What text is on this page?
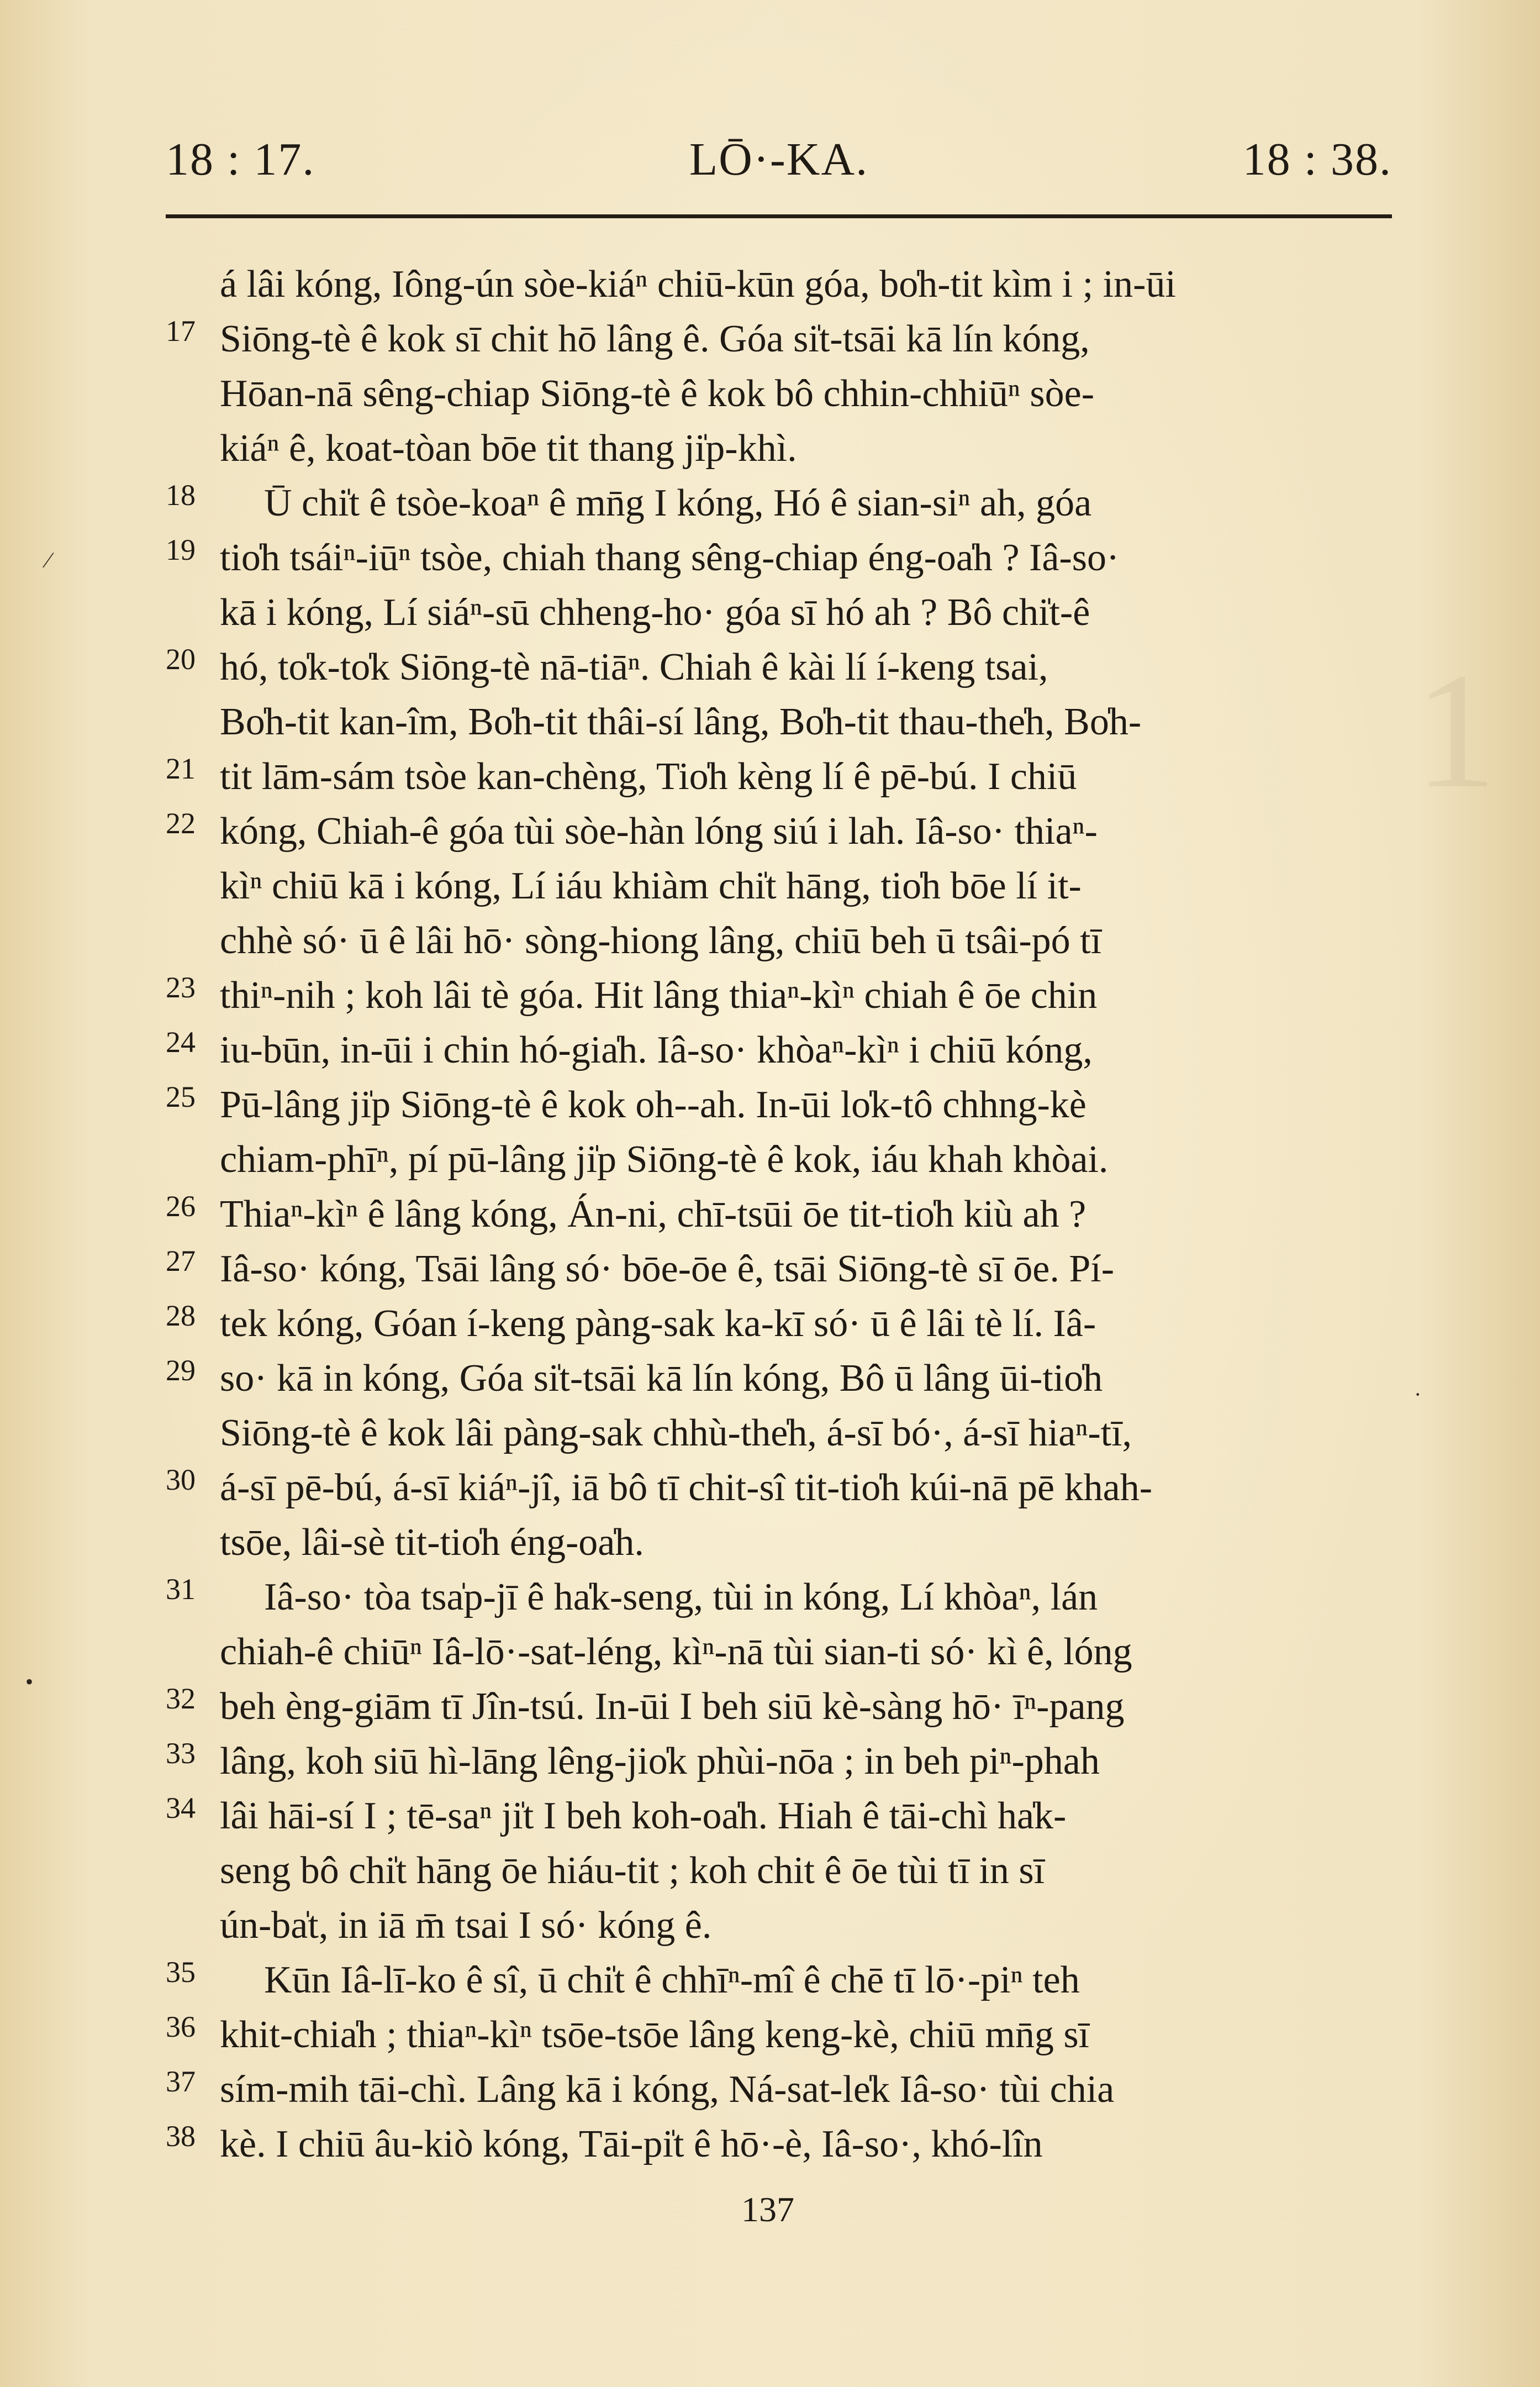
1
18 : 17.	LŌ·-KA.	18 : 38.
á lâi kóng, Iông-ún sòe-kiáⁿ chiū-kūn góa, bo̍h-tit kìm i ; in-ūi
17 Siōng-tè ê kok sī chit hō lâng ê. Góa si̍t-tsāi kā lín kóng,
Hōan-nā sêng-chiap Siōng-tè ê kok bô chhin-chhiūⁿ sòe-
kiáⁿ ê, koat-tòan bōe tit thang ji̍p-khì.
18	Ū chi̍t ê tsòe-koaⁿ ê mn̄g I kóng, Hó ê sian-siⁿ ah, góa
19 tio̍h tsáiⁿ-iūⁿ tsòe, chiah thang sêng-chiap éng-oa̍h ? Iâ-so·
kā i kóng, Lí siáⁿ-sū chheng-ho· góa sī hó ah ? Bô chi̍t-ê
20 hó, to̍k-to̍k Siōng-tè nā-tiāⁿ. Chiah ê kài lí í-keng tsai,
Bo̍h-tit kan-îm, Bo̍h-tit thâi-sí lâng, Bo̍h-tit thau-the̍h, Bo̍h-
21 tit lām-sám tsòe kan-chèng, Tio̍h kèng lí ê pē-bú. I chiū
22 kóng, Chiah-ê góa tùi sòe-hàn lóng siú i lah. Iâ-so· thiaⁿ-
kìⁿ chiū kā i kóng, Lí iáu khiàm chi̍t hāng, tio̍h bōe lí it-
chhè só· ū ê lâi hō· sòng-hiong lâng, chiū beh ū tsâi-pó tī
23 thiⁿ-nih ; koh lâi tè góa. Hit lâng thiaⁿ-kìⁿ chiah ê ōe chin
24 iu-būn, in-ūi i chin hó-gia̍h. Iâ-so· khòaⁿ-kìⁿ i chiū kóng,
25 Pū-lâng ji̍p Siōng-tè ê kok oh--ah. In-ūi lo̍k-tô chhng-kè
chiam-phīⁿ, pí pū-lâng ji̍p Siōng-tè ê kok, iáu khah khòai.
26 Thiaⁿ-kìⁿ ê lâng kóng, Án-ni, chī-tsūi ōe tit-tio̍h kiù ah ?
27 Iâ-so· kóng, Tsāi lâng só· bōe-ōe ê, tsāi Siōng-tè sī ōe. Pí-
28 tek kóng, Góan í-keng pàng-sak ka-kī só· ū ê lâi tè lí. Iâ-
29 so· kā in kóng, Góa si̍t-tsāi kā lín kóng, Bô ū lâng ūi-tio̍h
Siōng-tè ê kok lâi pàng-sak chhù-the̍h, á-sī bó·, á-sī hiaⁿ-tī,
30 á-sī pē-bú, á-sī kiáⁿ-jî, iā bô tī chit-sî tit-tio̍h kúi-nā pē khah-
tsōe, lâi-sè tit-tio̍h éng-oa̍h.
31	Iâ-so· tòa tsa̍p-jī ê ha̍k-seng, tùi in kóng, Lí khòaⁿ, lán
chiah-ê chiūⁿ Iâ-lō·-sat-léng, kìⁿ-nā tùi sian-ti só· kì ê, lóng
32 beh èng-giām tī Jîn-tsú. In-ūi I beh siū kè-sàng hō· īⁿ-pang
33 lâng, koh siū hì-lāng lêng-jio̍k phùi-nōa ; in beh piⁿ-phah
34 lâi hāi-sí I ; tē-saⁿ ji̍t I beh koh-oa̍h. Hiah ê tāi-chì ha̍k-
seng bô chi̍t hāng ōe hiáu-tit ; koh chit ê ōe tùi tī in sī
ún-ba̍t, in iā m̄ tsai I só· kóng ê.
35	Kūn Iâ-lī-ko ê sî, ū chi̍t ê chhīⁿ-mî ê chē tī lō·-piⁿ teh
36 khit-chia̍h ; thiaⁿ-kìⁿ tsōe-tsōe lâng keng-kè, chiū mn̄g sī
37 sím-mih tāi-chì. Lâng kā i kóng, Ná-sat-le̍k Iâ-so· tùi chia
38 kè. I chiū âu-kiò kóng, Tāi-pi̍t ê hō·-è, Iâ-so·, khó-lîn
⁄
•
·
137
